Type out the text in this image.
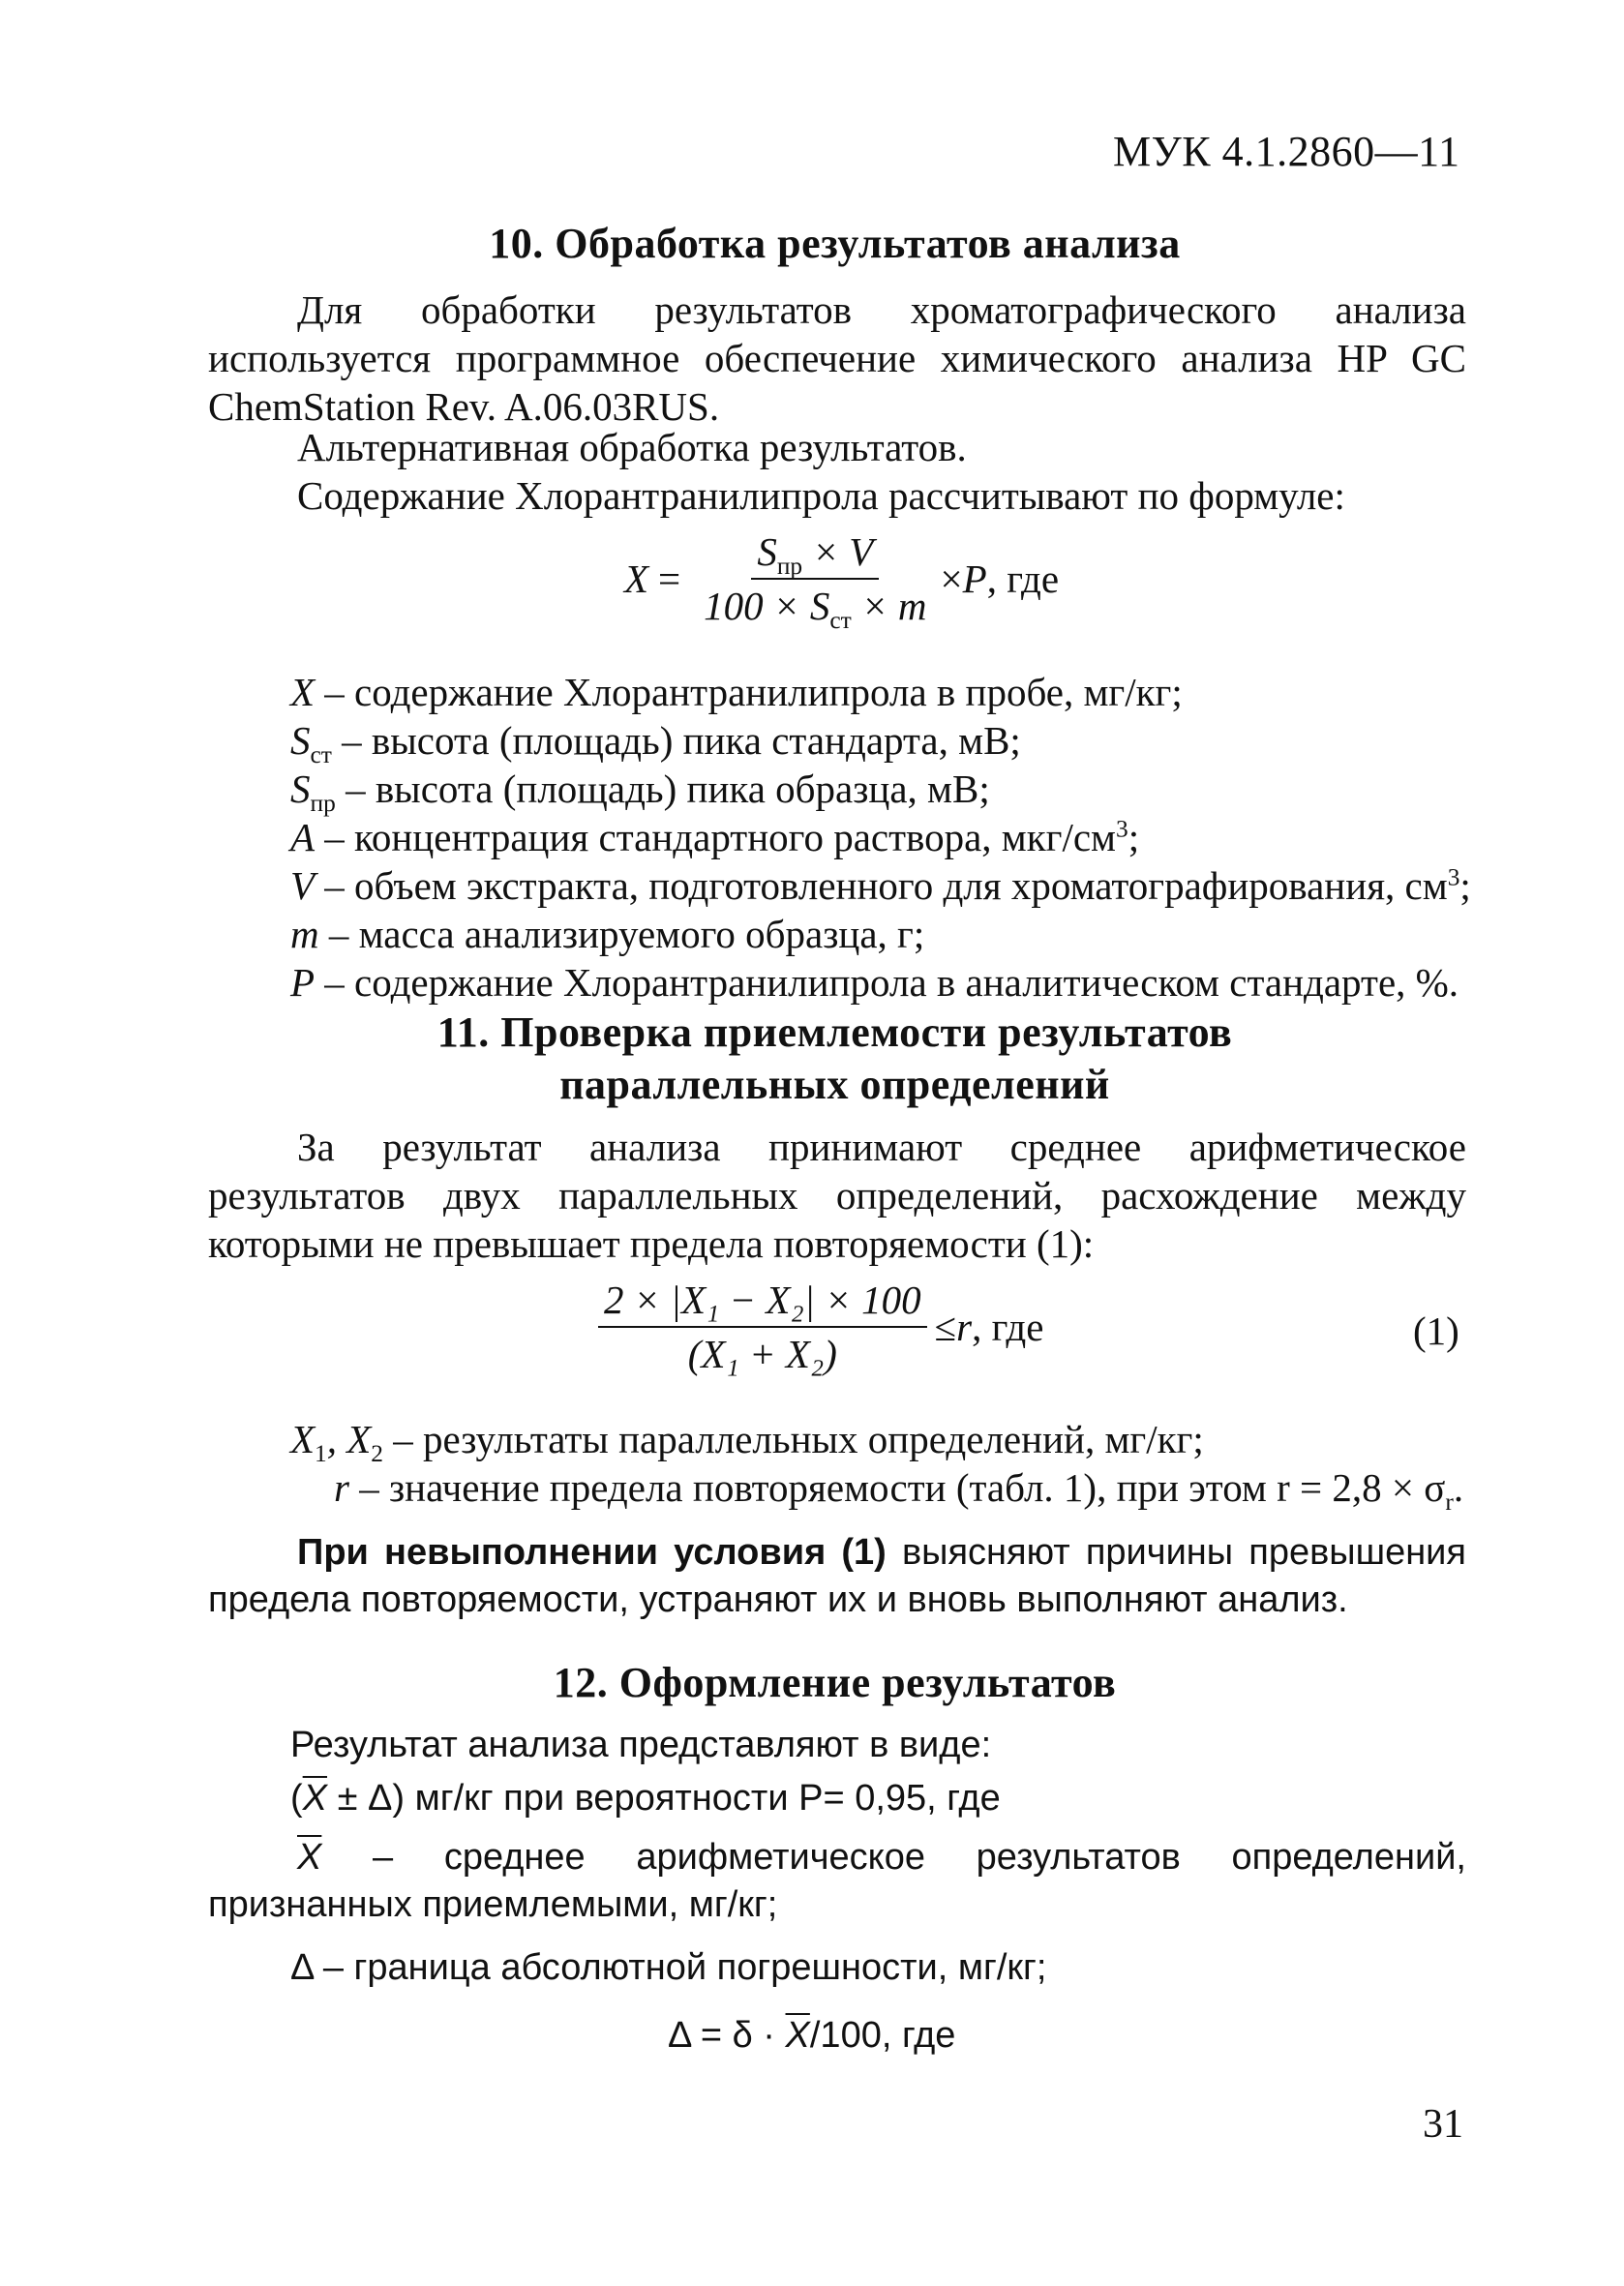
МУК 4.1.2860—11
10. Обработка результатов анализа

Для обработки результатов хроматографического анализа используется программное обеспечение химического анализа HP GC ChemStation Rev. A.06.03RUS.

Альтернативная обработка результатов.

Содержание Хлорантранилипрола рассчитывают по формуле:

$X = \frac{S_{пр} \times V}{100 \times S_{ст} \times m} \times P$ , где
X – содержание Хлорантранилипрола в пробе, мг/кг;
$S_{ст}$ – высота (площадь) пика стандарта, мВ;
$S_{пр}$ – высота (площадь) пика образца, мВ;
A – концентрация стандартного раствора, мкг/$см^3$;
V – объем экстракта, подготовленного для хроматографирования, $см^3$;
m – масса анализируемого образца, г;
P – содержание Хлорантранилипрола в аналитическом стандарте, %.
11. Проверка приемлемости результатов
параллельных определений

За результат анализа принимают среднее арифметическое результатов двух параллельных определений, расхождение между которыми не превышает предела повторяемости (1):

$\frac{\text{2 × |X₁ − X₂| × 100}}{\text{(X₁ + X₂)}} \le r$ , где	(1)
$X_1$, $X_2$ – результаты параллельных определений, мг/кг;
r – значение предела повторяемости (табл. 1), при этом $r = 2,8 \times \sigma_r$.

При невыполнении условия (1) выясняют причины превышения предела повторяемости, устраняют их и вновь выполняют анализ.

12. Оформление результатов

Результат анализа представляют в виде:

$(\overline{X} \pm \Delta)$ мг/кг при вероятности Р= 0,95, где

$\overline{X}$ – среднее арифметическое результатов определений, признанных приемлемыми, мг/кг;

Δ – граница абсолютной погрешности, мг/кг;

$\Delta = \delta \cdot \overline{X}/100$, где

31
